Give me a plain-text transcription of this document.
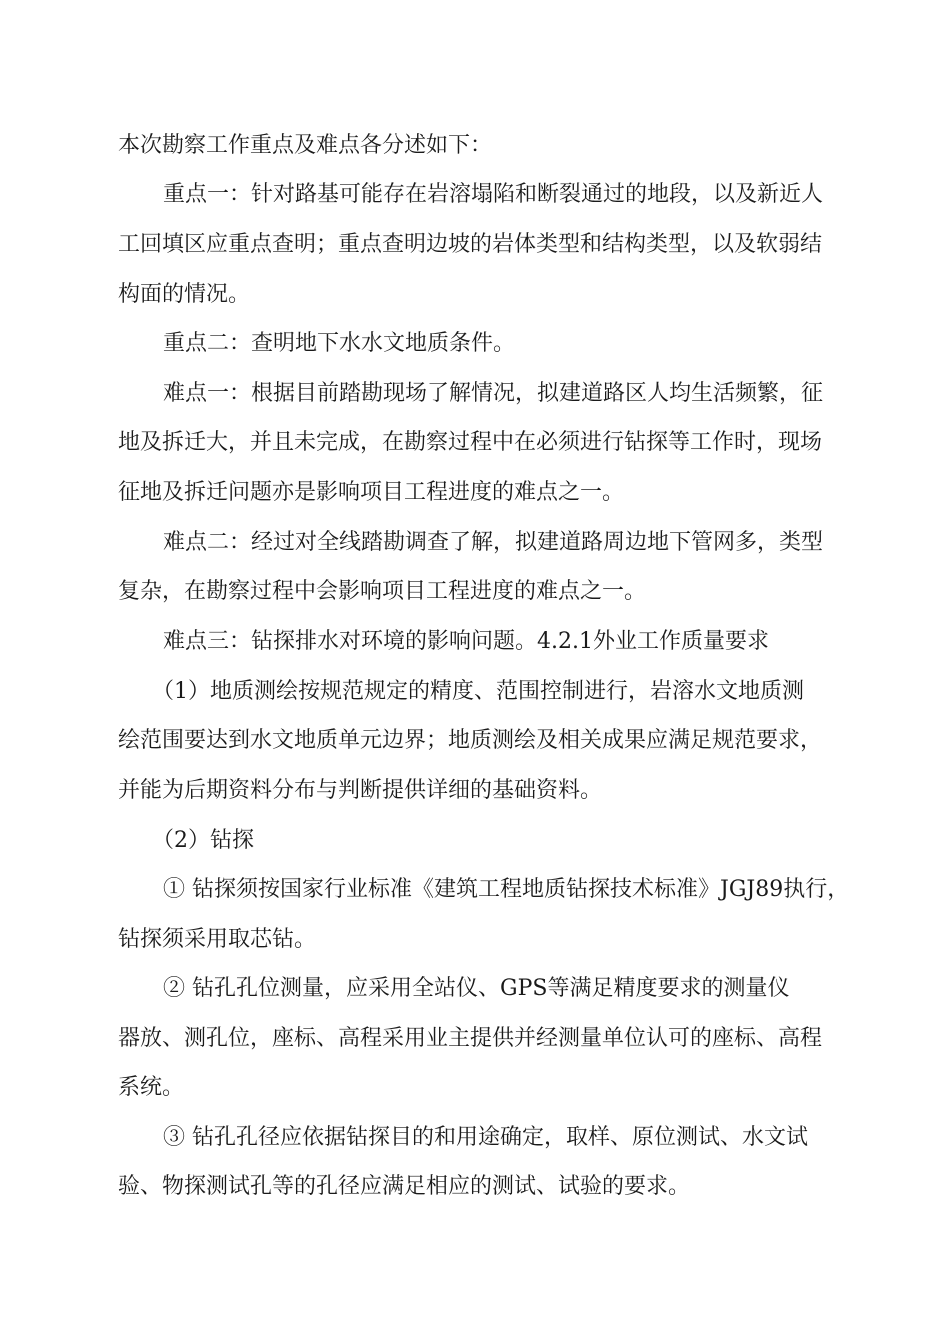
本次勘察工作重点及难点各分述如下：
重点一：针对路基可能存在岩溶塌陷和断裂通过的地段，以及新近人
工回填区应重点查明；重点查明边坡的岩体类型和结构类型，以及软弱结
构面的情况。
重点二：查明地下水水文地质条件。
难点一：根据目前踏勘现场了解情况，拟建道路区人均生活频繁，征
地及拆迁大，并且未完成，在勘察过程中在必须进行钻探等工作时，现场
征地及拆迁问题亦是影响项目工程进度的难点之一。
难点二：经过对全线踏勘调查了解，拟建道路周边地下管网多，类型
复杂，在勘察过程中会影响项目工程进度的难点之一。
难点三：钻探排水对环境的影响问题。4.2.1外业工作质量要求
（1）地质测绘按规范规定的精度、范围控制进行，岩溶水文地质测
绘范围要达到水文地质单元边界；地质测绘及相关成果应满足规范要求，
并能为后期资料分布与判断提供详细的基础资料。
（2）钻探
① 钻探须按国家行业标准《建筑工程地质钻探技术标准》JGJ89执行，
钻探须采用取芯钻。
② 钻孔孔位测量，应采用全站仪、GPS等满足精度要求的测量仪
器放、测孔位，座标、高程采用业主提供并经测量单位认可的座标、高程
系统。
③ 钻孔孔径应依据钻探目的和用途确定，取样、原位测试、水文试
验、物探测试孔等的孔径应满足相应的测试、试验的要求。
